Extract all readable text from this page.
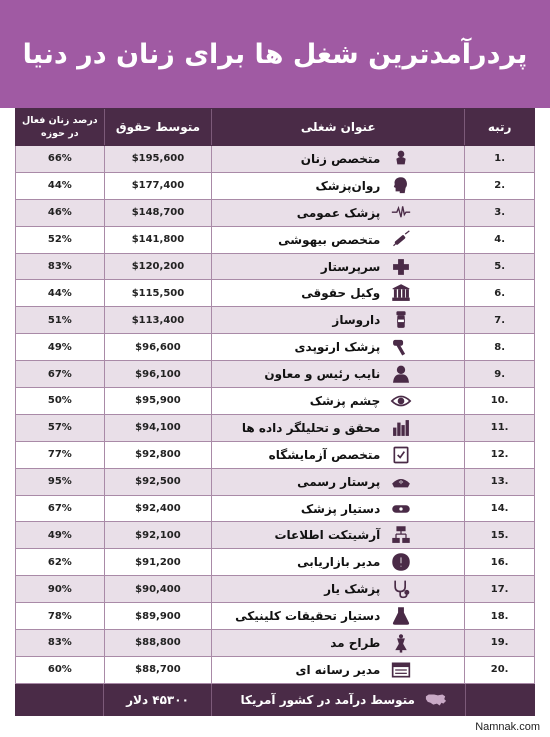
پردرآمدترین شغل ها برای زنان در دنیا
درصد زنان فعال در حوزه	متوسط حقوق	عنوان شغلی	رتبه
66%	$195,600	متخصص زنان	1.
44%	$177,400	روان‌پزشک	2.
46%	$148,700	پزشک عمومی	3.
52%	$141,800	متخصص بیهوشی	4.
83%	$120,200	سرپرستار	5.
44%	$115,500	وکیل حقوقی	6.
51%	$113,400	داروساز	7.
49%	$96,600	پزشک ارتوپدی	8.
67%	$96,100	نایب رئیس و معاون	9.
50%	$95,900	چشم پزشک	10.
57%	$94,100	محقق و تحلیلگر داده ها	11.
77%	$92,800	متخصص آزمایشگاه	12.
95%	$92,500	پرستار رسمی	13.
67%	$92,400	دستیار پزشک	14.
49%	$92,100	آرشیتکت اطلاعات	15.
62%	$91,200	مدیر بازاریابی	16.
90%	$90,400	پزشک یار	17.
78%	$89,900	دستیار تحقیقات کلینیکی	18.
83%	$88,800	طراح مد	19.
60%	$88,700	مدیر رسانه ای	20.
۴۵۳۰۰ دلار	متوسط درآمد در کشور آمریکا
Namnak.com
